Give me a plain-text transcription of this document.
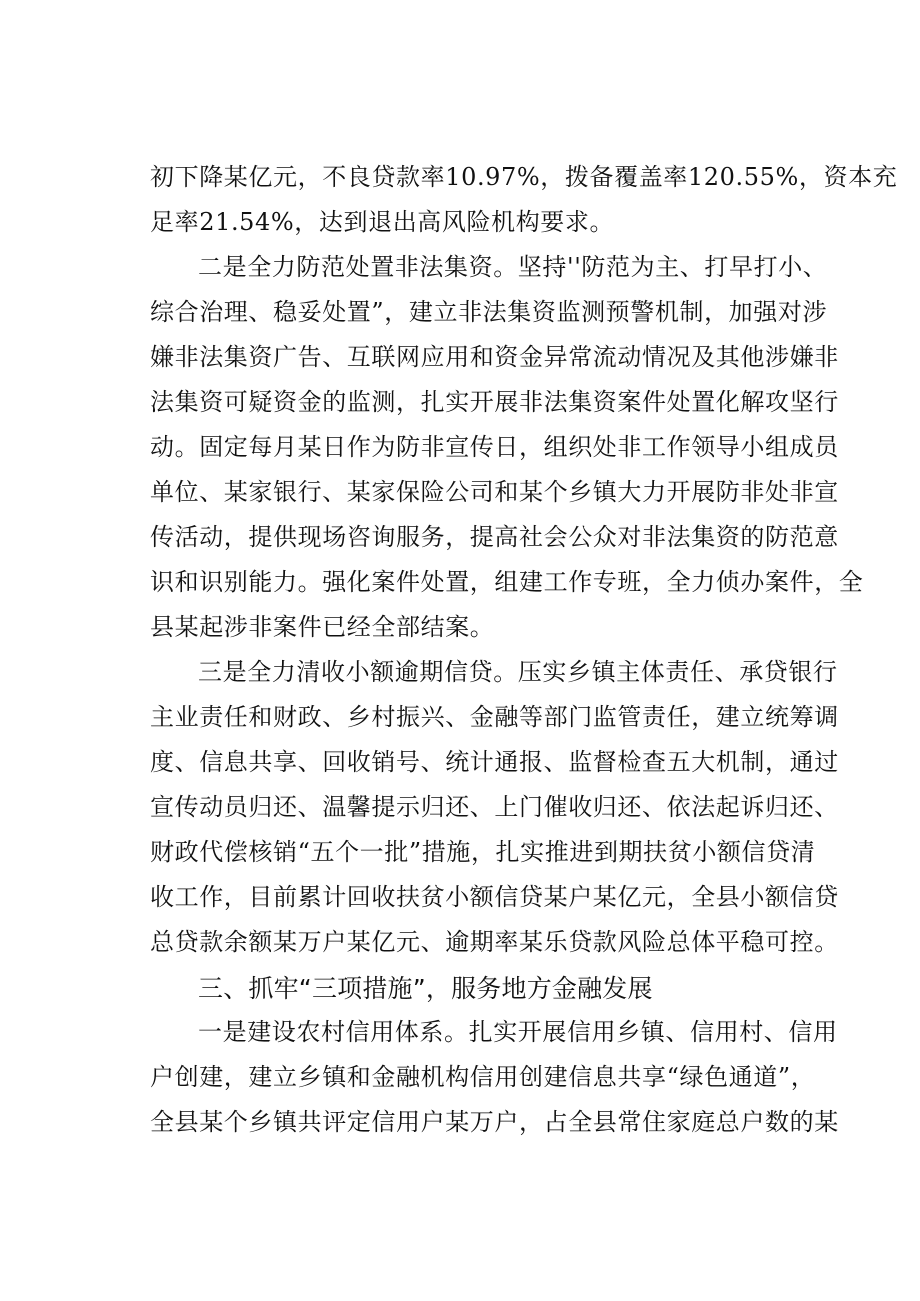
初下降某亿元，不良贷款率10.97%，拨备覆盖率120.55%，资本充
足率21.54%，达到退出高风险机构要求。
二是全力防范处置非法集资。坚持''防范为主、打早打小、
综合治理、稳妥处置”，建立非法集资监测预警机制，加强对涉
嫌非法集资广告、互联网应用和资金异常流动情况及其他涉嫌非
法集资可疑资金的监测，扎实开展非法集资案件处置化解攻坚行
动。固定每月某日作为防非宣传日，组织处非工作领导小组成员
单位、某家银行、某家保险公司和某个乡镇大力开展防非处非宣
传活动，提供现场咨询服务，提高社会公众对非法集资的防范意
识和识别能力。强化案件处置，组建工作专班，全力侦办案件，全
县某起涉非案件已经全部结案。
三是全力清收小额逾期信贷。压实乡镇主体责任、承贷银行
主业责任和财政、乡村振兴、金融等部门监管责任，建立统筹调
度、信息共享、回收销号、统计通报、监督检查五大机制，通过
宣传动员归还、温馨提示归还、上门催收归还、依法起诉归还、
财政代偿核销“五个一批”措施，扎实推进到期扶贫小额信贷清
收工作，目前累计回收扶贫小额信贷某户某亿元，全县小额信贷
总贷款余额某万户某亿元、逾期率某乐贷款风险总体平稳可控。
三、抓牢“三项措施”，服务地方金融发展
一是建设农村信用体系。扎实开展信用乡镇、信用村、信用
户创建，建立乡镇和金融机构信用创建信息共享“绿色通道”，
全县某个乡镇共评定信用户某万户，占全县常住家庭总户数的某
